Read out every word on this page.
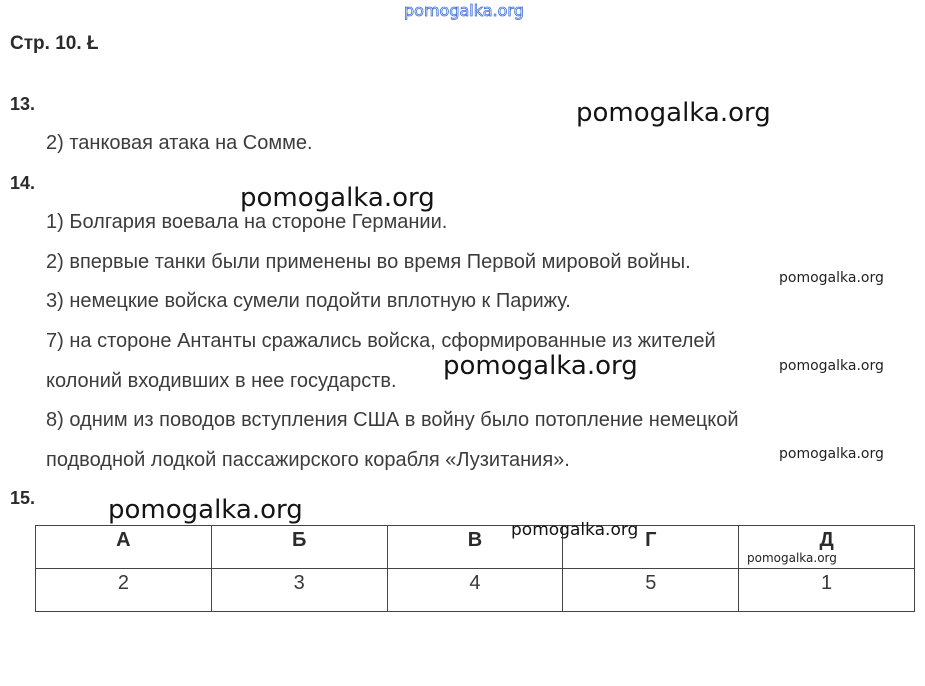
pomogalka.org
Стр. 10. Ł
13.
2) танковая атака на Сомме.
14.
1) Болгария воевала на стороне Германии.
2) впервые танки были применены во время Первой мировой войны.
3) немецкие войска сумели подойти вплотную к Парижу.
7) на стороне Антанты сражались войска, сформированные из жителей
колоний входивших в нее государств.
8) одним из поводов вступления США в войну было потопление немецкой
подводной лодкой пассажирского корабля «Лузитания».
15.
А	Б	В	Г	Д
2	3	4	5	1
pomogalka.org
pomogalka.org
pomogalka.org
pomogalka.org	pomogalka.org
pomogalka.org
pomogalka.org
pomogalka.org
pomogalka.org
